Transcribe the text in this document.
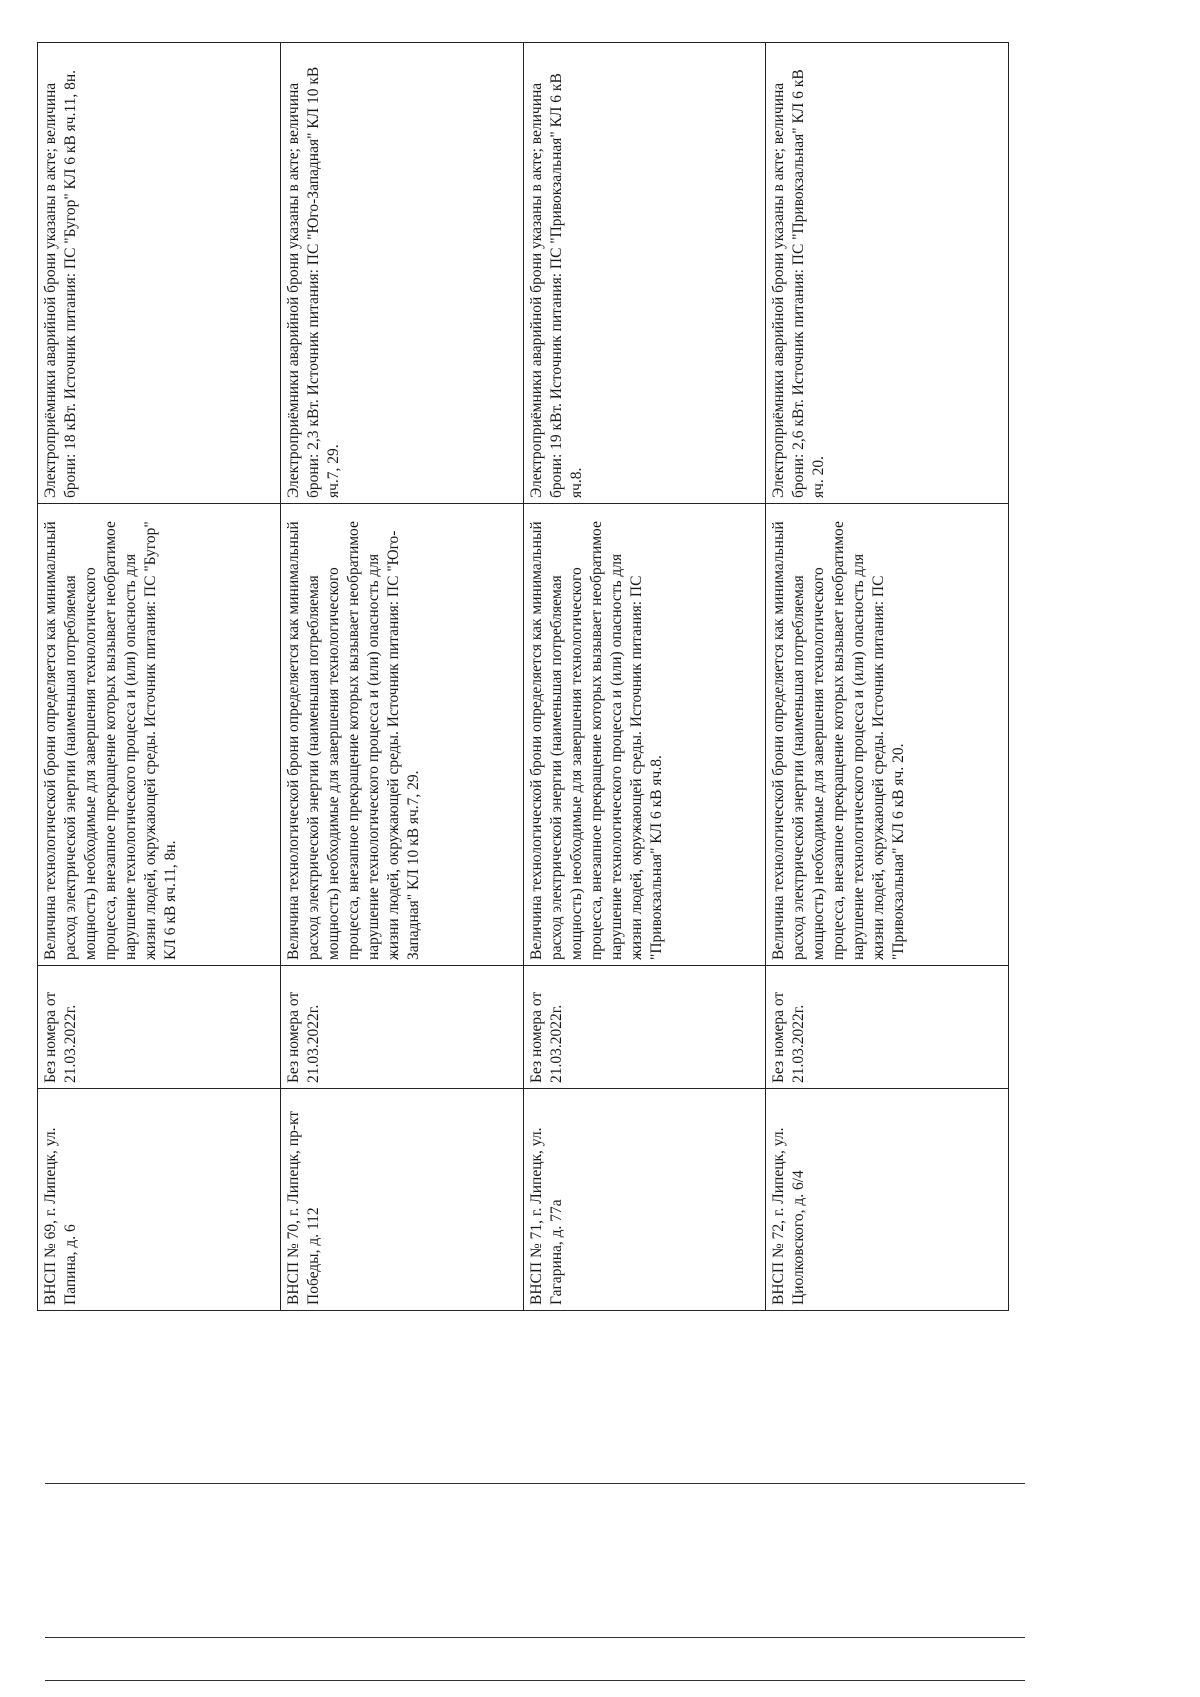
ВНСП № 69, г. Липецк, ул. Папина, д. 6	Без номера от 21.03.2022г.	Величина технологической брони определяется как минимальный расход электрической энергии (наименьшая потребляемая мощность) необходимые для завершения технологического процесса, внезапное прекращение которых вызывает необратимое нарушение технологического процесса и (или) опасность для жизни людей, окружающей среды. Источник питания: ПС "Бугор" КЛ 6 кВ яч.11, 8н.	Электроприёмники аварийной брони указаны в акте; величина брони: 18 кВт. Источник питания: ПС "Бугор" КЛ 6 кВ яч.11, 8н.
ВНСП № 70, г. Липецк, пр-кт Победы, д. 112	Без номера от 21.03.2022г.	Величина технологической брони определяется как минимальный расход электрической энергии (наименьшая потребляемая мощность) необходимые для завершения технологического процесса, внезапное прекращение которых вызывает необратимое нарушение технологического процесса и (или) опасность для жизни людей, окружающей среды. Источник питания: ПС "Юго-Западная" КЛ 10 кВ яч.7, 29.	Электроприёмники аварийной брони указаны в акте; величина брони: 2,3 кВт. Источник питания: ПС "Юго-Западная" КЛ 10 кВ яч.7, 29.
ВНСП № 71, г. Липецк, ул. Гагарина, д. 77а	Без номера от 21.03.2022г.	Величина технологической брони определяется как минимальный расход электрической энергии (наименьшая потребляемая мощность) необходимые для завершения технологического процесса, внезапное прекращение которых вызывает необратимое нарушение технологического процесса и (или) опасность для жизни людей, окружающей среды. Источник питания: ПС "Привокзальная" КЛ 6 кВ яч.8.	Электроприёмники аварийной брони указаны в акте; величина брони: 19 кВт. Источник питания: ПС "Привокзальная" КЛ 6 кВ яч.8.
ВНСП № 72, г. Липецк, ул. Циолковского, д. 6/4	Без номера от 21.03.2022г.	Величина технологической брони определяется как минимальный расход электрической энергии (наименьшая потребляемая мощность) необходимые для завершения технологического процесса, внезапное прекращение которых вызывает необратимое нарушение технологического процесса и (или) опасность для жизни людей, окружающей среды. Источник питания: ПС "Привокзальная" КЛ 6 кВ яч. 20.	Электроприёмники аварийной брони указаны в акте; величина брони: 2,6 кВт. Источник питания: ПС "Привокзальная" КЛ 6 кВ яч. 20.
